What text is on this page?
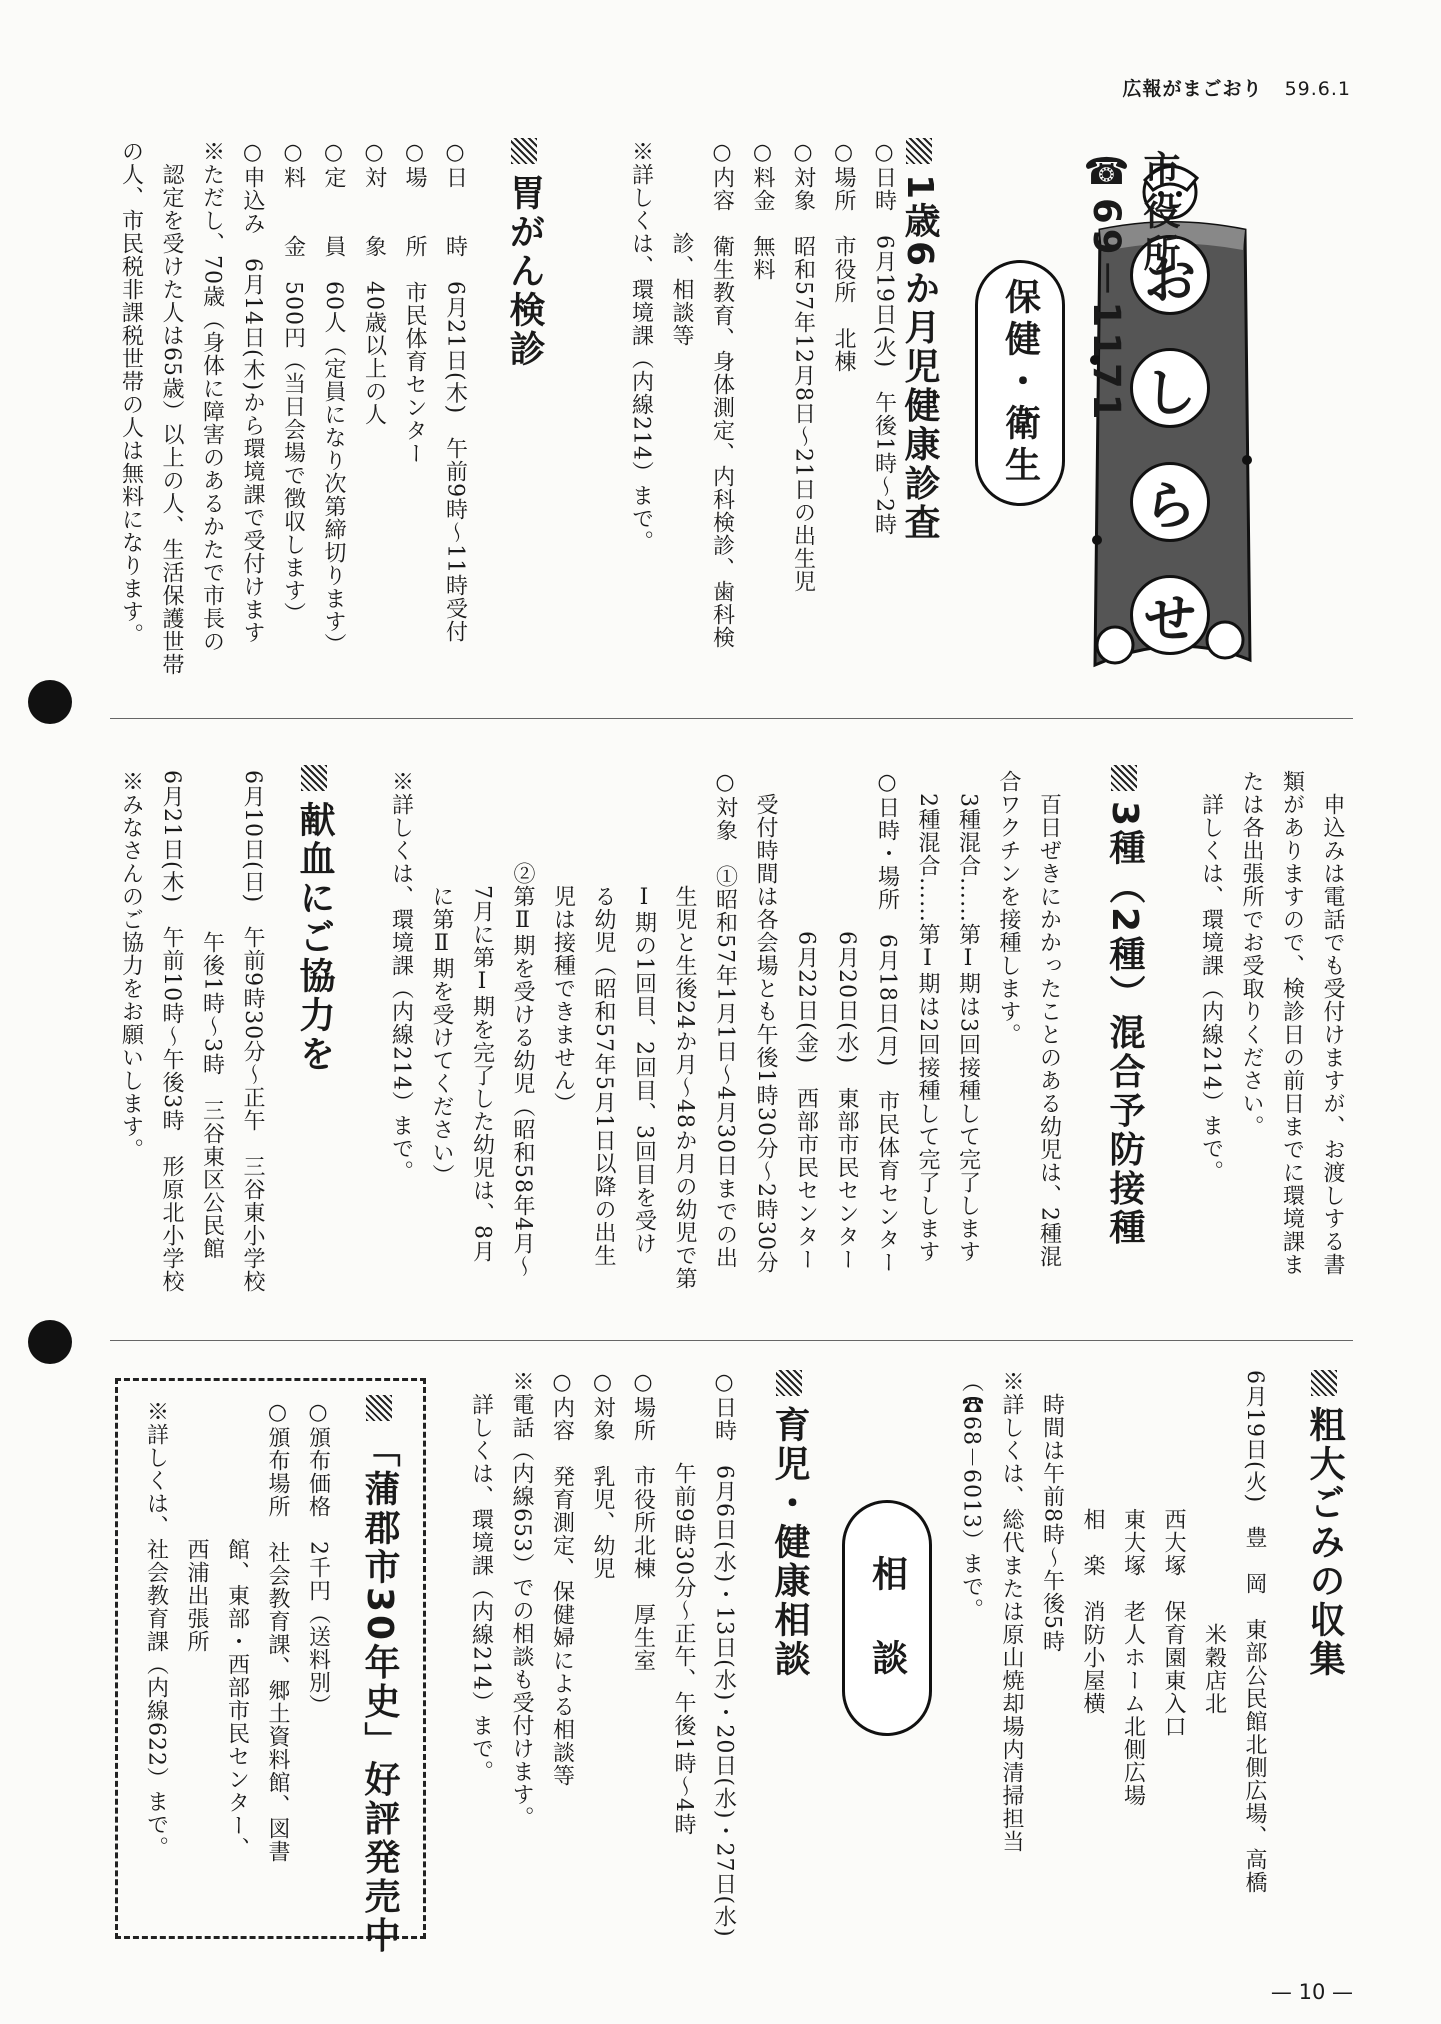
広報がまごおり 59.6.1
お
し
ら
せ
市役所
☎69－1171
保健・衛生
1歳6か月児健康診査
○日時　6月19日(火)　午後1時～2時
○場所　市役所　北棟
○対象　昭和57年12月8日～21日の出生児
○料金　無料
○内容　衛生教育、身体測定、内科検診、歯科検
　　　　診、相談等
※詳しくは、環境課（内線214）まで。
胃がん検診
○日　　時　6月21日(木)　午前9時～11時受付
○場　　所　市民体育センター
○対　　象　40歳以上の人
○定　　員　60人（定員になり次第締切ります）
○料　　金　500円（当日会場で徴収します）
○申込み　6月14日(木)から環境課で受付けます
※ただし、70歳（身体に障害のあるかたで市長の
　認定を受けた人は65歳）以上の人、生活保護世帯
の人、市民税非課税世帯の人は無料になります。
　申込みは電話でも受付けますが、お渡しする書
類がありますので、検診日の前日までに環境課ま
たは各出張所でお受取りください。
　詳しくは、環境課（内線214）まで。
3種（2種）混合予防接種
　百日ぜきにかかったことのある幼児は、2種混
合ワクチンを接種します。
　3種混合……第Ⅰ期は3回接種して完了します
　2種混合……第Ⅰ期は2回接種して完了します
○日時・場所　6月18日(月)　市民体育センター
　　　　　　　6月20日(水)　東部市民センター
　　　　　　　6月22日(金)　西部市民センター
　受付時間は各会場とも午後1時30分～2時30分
○対象　①昭和57年1月1日～4月30日までの出
　　　　　生児と生後24か月～48か月の幼児で第
　　　　　Ⅰ期の1回目、2回目、3回目を受け
　　　　　る幼児（昭和57年5月1日以降の出生
　　　　　児は接種できません）
　　　　②第Ⅱ期を受ける幼児（昭和58年4月～
　　　　　7月に第Ⅰ期を完了した幼児は、8月
　　　　　に第Ⅱ期を受けてください）
※詳しくは、環境課（内線214）まで。
献血にご協力を
6月10日(日)　午前9時30分～正午　三谷東小学校
　　　　　　　午後1時～3時　三谷東区公民館
6月21日(木)　午前10時～午後3時　形原北小学校
※みなさんのご協力をお願いします。
粗大ごみの収集
6月19日(火)　豊　岡　東部公民館北側広場、高橋
　　　　　　　　　　　米穀店北
　　　　　　西大塚　保育園東入口
　　　　　　東大塚　老人ホーム北側広場
　　　　　　相　楽　消防小屋横
　時間は午前8時～午後5時
※詳しくは、総代または原山焼却場内清掃担当
（☎68－6013）まで。
相　談
育児・健康相談
○日時　6月6日(水)・13日(水)・20日(水)・27日(水)
　　　　午前9時30分～正午、午後1時～4時
○場所　市役所北棟　厚生室
○対象　乳児、幼児
○内容　発育測定、保健婦による相談等
※電話（内線653）での相談も受付けます。
　詳しくは、環境課（内線214）まで。
「蒲郡市30年史」好評発売中
○頒布価格　2千円（送料別）
○頒布場所　社会教育課、郷土資料館、図書
　　　　　　館、東部・西部市民センター、
　　　　　　西浦出張所
※詳しくは、社会教育課（内線622）まで。
— 10 —
